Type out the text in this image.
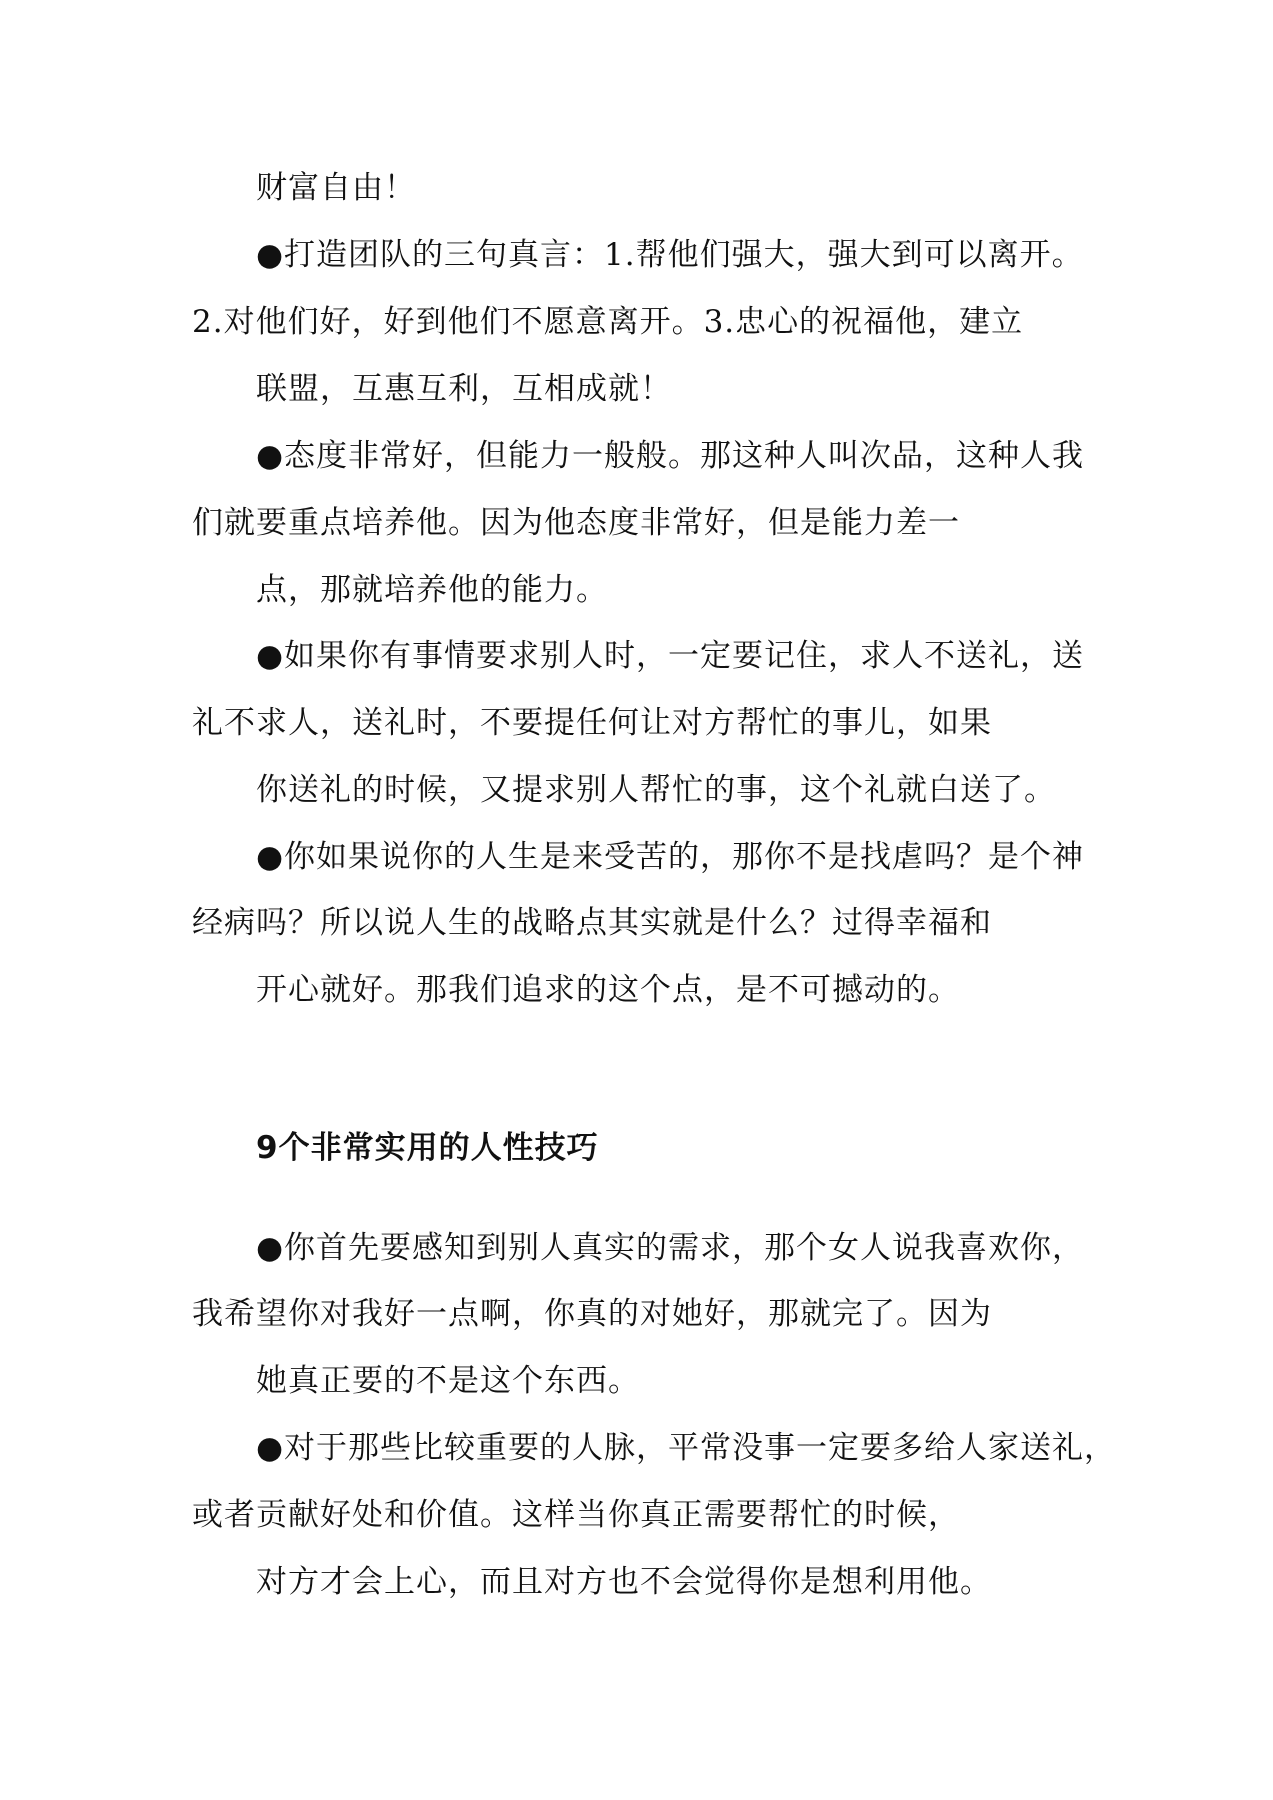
财富自由！
●打造团队的三句真言：1.帮他们强大，强大到可以离开。
2.对他们好，好到他们不愿意离开。3.忠心的祝福他，建立
联盟，互惠互利，互相成就！
●态度非常好，但能力一般般。那这种人叫次品，这种人我
们就要重点培养他。因为他态度非常好，但是能力差一
点，那就培养他的能力。
●如果你有事情要求别人时，一定要记住，求人不送礼，送
礼不求人，送礼时，不要提任何让对方帮忙的事儿，如果
你送礼的时候，又提求别人帮忙的事，这个礼就白送了。
●你如果说你的人生是来受苦的，那你不是找虐吗？是个神
经病吗？所以说人生的战略点其实就是什么？过得幸福和
开心就好。那我们追求的这个点，是不可撼动的。
9个非常实用的人性技巧
●你首先要感知到别人真实的需求，那个女人说我喜欢你，
我希望你对我好一点啊，你真的对她好，那就完了。因为
她真正要的不是这个东西。
●对于那些比较重要的人脉，平常没事一定要多给人家送礼，
或者贡献好处和价值。这样当你真正需要帮忙的时候，
对方才会上心，而且对方也不会觉得你是想利用他。
